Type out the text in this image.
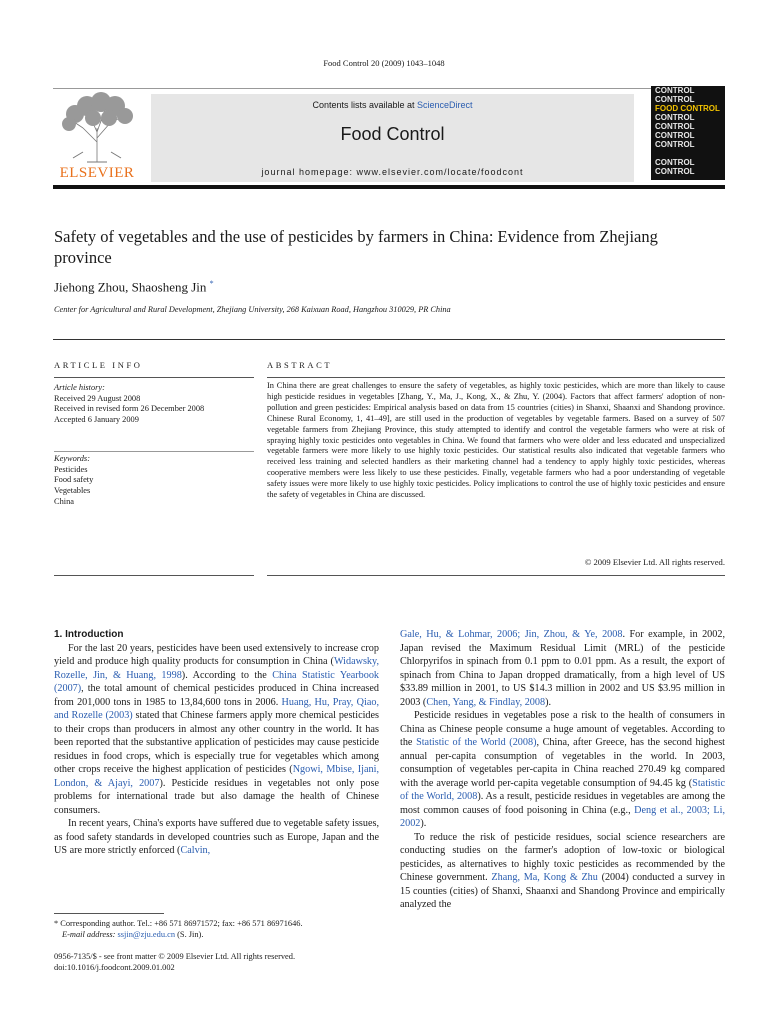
Food Control 20 (2009) 1043–1048
ELSEVIER
Contents lists available at ScienceDirect
Food Control
journal homepage: www.elsevier.com/locate/foodcont
CONTROL
CONTROL
FOOD CONTROL
CONTROL
CONTROL
CONTROL
CONTROL

CONTROL
CONTROL
Safety of vegetables and the use of pesticides by farmers in China: Evidence from Zhejiang province
Jiehong Zhou, Shaosheng Jin *
Center for Agricultural and Rural Development, Zhejiang University, 268 Kaixuan Road, Hangzhou 310029, PR China
ARTICLE INFO
Article history:
Received 29 August 2008
Received in revised form 26 December 2008
Accepted 6 January 2009
Keywords:
Pesticides
Food safety
Vegetables
China
ABSTRACT
In China there are great challenges to ensure the safety of vegetables, as highly toxic pesticides, which are more than likely to cause high pesticide residues in vegetables [Zhang, Y., Ma, J., Kong, X., & Zhu, Y. (2004). Factors that affect farmers' adoption of non-pollution and green pesticides: Empirical analysis based on data from 15 countries (cities) in Shanxi, Shaanxi and Shandong province. Chinese Rural Economy, 1, 41–49], are still used in the production of vegetables by vegetable farmers. Based on a survey of 507 vegetable farmers from Zhejiang Province, this study attempted to identify and control the vegetable farmers who were at risk of spraying highly toxic pesticides onto vegetables in China. We found that farmers who were older and less educated and unspecialized vegetable farmers were more likely to use highly toxic pesticides. Our statistical results also indicated that vegetable farmers who received less training and selected handlers as their marketing channel had a tendency to apply highly toxic pesticides, whereas cooperative members were less likely to use these pesticides. Finally, vegetable farmers who had a poor understanding of vegetable safety issues were more likely to use highly toxic pesticides. Policy implications to control the use of highly toxic pesticides and ensure the safety of vegetables in China are discussed.
© 2009 Elsevier Ltd. All rights reserved.

1. Introduction

For the last 20 years, pesticides have been used extensively to increase crop yield and produce high quality products for consumption in China (Widawsky, Rozelle, Jin, & Huang, 1998). According to the China Statistic Yearbook (2007), the total amount of chemical pesticides produced in China increased from 201,000 tons in 1985 to 13,84,600 tons in 2006. Huang, Hu, Pray, Qiao, and Rozelle (2003) stated that Chinese farmers apply more chemical pesticides to their crops than producers in almost any other country in the world. It has been reported that the substantive application of pesticides may cause pesticide residues in food crops, which is especially true for vegetables which among other crops receive the highest application of pesticides (Ngowi, Mbise, Ijani, London, & Ajayi, 2007). Pesticide residues in vegetables not only pose problems for international trade but also damage the health of Chinese consumers.

In recent years, China's exports have suffered due to vegetable safety issues, as food safety standards in developed countries such as Europe, Japan and the US are more strictly enforced (Calvin,

Gale, Hu, & Lohmar, 2006; Jin, Zhou, & Ye, 2008. For example, in 2002, Japan revised the Maximum Residual Limit (MRL) of the pesticide Chlorpyrifos in spinach from 0.1 ppm to 0.01 ppm. As a result, the export of spinach from China to Japan dropped dramatically, from a high level of US $33.89 million in 2001, to US $14.3 million in 2002 and US $3.95 million in 2003 (Chen, Yang, & Findlay, 2008).

Pesticide residues in vegetables pose a risk to the health of consumers in China as Chinese people consume a huge amount of vegetables. According to the Statistic of the World (2008), China, after Greece, has the second highest annual per-capita consumption of vegetables in the world. In 2003, consumption of vegetables per-capita in China reached 270.49 kg compared with the average world per-capita vegetable consumption of 94.45 kg (Statistic of the World, 2008). As a result, pesticide residues in vegetables are among the most common causes of food poisoning in China (e.g., Deng et al., 2003; Li, 2002).

To reduce the risk of pesticide residues, social science researchers are conducting studies on the farmer's adoption of low-toxic or biological pesticides, as alternatives to highly toxic pesticides as recommended by the Chinese government. Zhang, Ma, Kong & Zhu (2004) conducted a survey in 15 counties (cities) of Shanxi, Shaanxi and Shandong Province and empirically analyzed the

* Corresponding author. Tel.: +86 571 86971572; fax: +86 571 86971646.
E-mail address: ssjin@zju.edu.cn (S. Jin).
0956-7135/$ - see front matter © 2009 Elsevier Ltd. All rights reserved.
doi:10.1016/j.foodcont.2009.01.002
